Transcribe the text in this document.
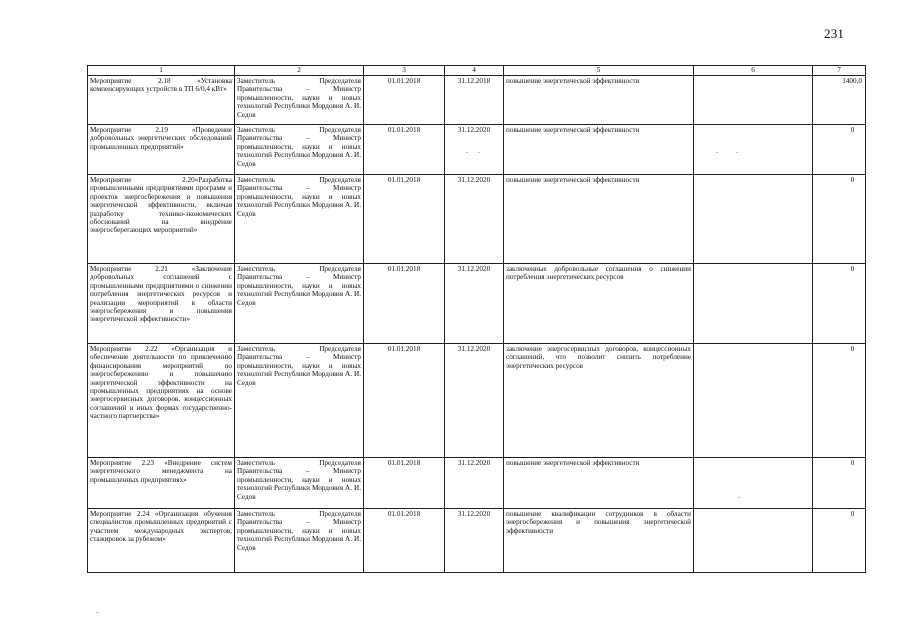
231
1	2	3	4	5	6	7
Мероприятие 2.18 «Установка компенсирующих устройств в ТП 6/0,4 кВт»	Заместитель Председателя Правительства – Министр промышленности, науки и новых технологий Республики Мордовия А. И. Седов	01.01.2018	31.12.2018	повышение энергетической эффективности		1400,0
Мероприятие 2.19 «Проведение добровольных энергетических обследований промышленных предприятий»	Заместитель Председателя Правительства – Министр промышленности, науки и новых технологий Республики Мордовия А. И. Седов	01.01.2018	31.12.2020	повышение энергетической эффективности		0
Мероприятие 2.20«Разработка промышленными предприятиями программ и проектов энергосбережения и повышения энергетической эффективности, включая разработку технико-экономических обоснований на внедрение энергосберегающих мероприятий»	Заместитель Председателя Правительства – Министр промышленности, науки и новых технологий Республики Мордовия А. И. Седов	01.01.2018	31.12.2020	повышение энергетической эффективности		0
Мероприятие 2.21 «Заключение добровольных соглашений с промышленными предприятиями о снижении потребления энергетических ресурсов и реализации мероприятий в области энергосбережения и повышения энергетической эффективности»	Заместитель Председателя Правительства – Министр промышленности, науки и новых технологий Республики Мордовия А. И. Седов	01.01.2018	31.12.2020	заключенные добровольные соглашения о снижении потребления энергетических ресурсов		0
Мероприятие 2.22 «Организация и обеспечение деятельности по привлечению финансирования мероприятий по энергосбережению и повышению энергетической эффективности на промышленных предприятиях на основе энергосервисных договоров, концессионных соглашений и иных формах государственно-частного партнерства»	Заместитель Председателя Правительства – Министр промышленности, науки и новых технологий Республики Мордовия А. И. Седов	01.01.2018	31.12.2020	заключение энергосервисных договоров, концессионных соглашений, что позволит снизить потребление энергетических ресурсов		0
Мероприятие 2.23 «Внедрение систем энергетического менеджмента на промышленных предприятиях»	Заместитель Председателя Правительства – Министр промышленности, науки и новых технологий Республики Мордовия А. И. Седов	01.01.2018	31.12.2020	повышение энергетической эффективности		0
Мероприятие 2.24 «Организация обучения специалистов промышленных предприятий с участием международных экспертов, стажировок за рубежом»	Заместитель Председателя Правительства – Министр промышленности, науки и новых технологий Республики Мордовия А. И. Седов	01.01.2018	31.12.2020	повышение квалификации сотрудников в области энергосбережения и повышения энергетической эффективности		0
